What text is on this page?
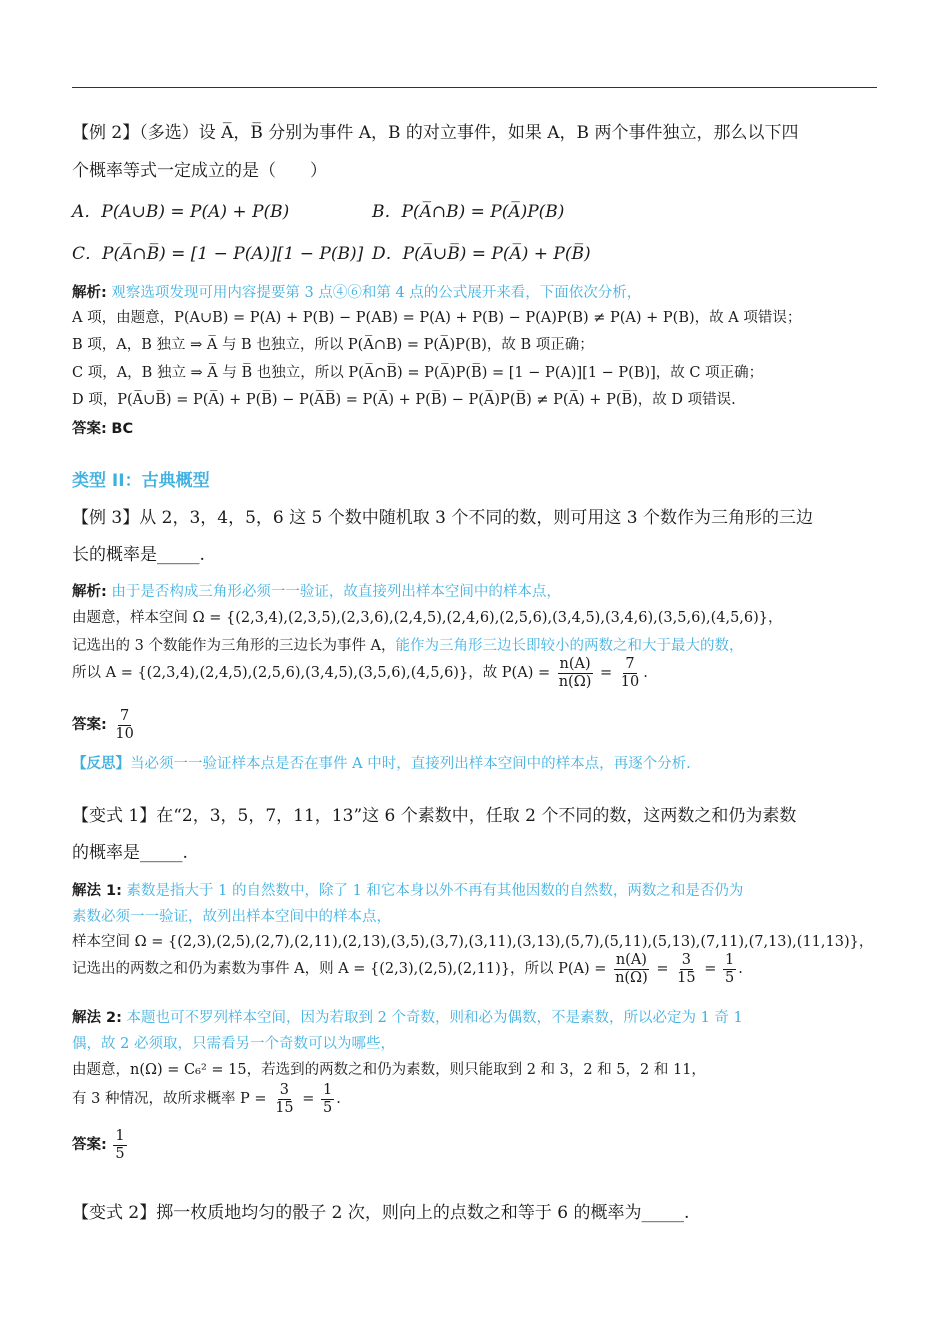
【例 2】（多选）设 A̅，B̅ 分别为事件 A，B 的对立事件，如果 A，B 两个事件独立，那么以下四
个概率等式一定成立的是（　　）
A．P(A∪B) = P(A) + P(B)	B．P(A̅∩B) = P(A̅)P(B)
C．P(A̅∩B̅) = [1 − P(A)][1 − P(B)] D．P(A̅∪B̅) = P(A̅) + P(B̅)
解析: 观察选项发现可用内容提要第 3 点④⑥和第 4 点的公式展开来看，下面依次分析，
A 项，由题意，P(A∪B) = P(A) + P(B) − P(AB) = P(A) + P(B) − P(A)P(B) ≠ P(A) + P(B)，故 A 项错误；
B 项，A，B 独立 ⇒ A̅ 与 B 也独立，所以 P(A̅∩B) = P(A̅)P(B)，故 B 项正确；
C 项，A，B 独立 ⇒ A̅ 与 B̅ 也独立，所以 P(A̅∩B̅) = P(A̅)P(B̅) = [1 − P(A)][1 − P(B)]，故 C 项正确；
D 项，P(A̅∪B̅) = P(A̅) + P(B̅) − P(A̅B̅) = P(A̅) + P(B̅) − P(A̅)P(B̅) ≠ P(A̅) + P(B̅)，故 D 项错误.
答案: BC
类型 II：古典概型
【例 3】从 2，3，4，5，6 这 5 个数中随机取 3 个不同的数，则可用这 3 个数作为三角形的三边
长的概率是_____.
解析: 由于是否构成三角形必须一一验证，故直接列出样本空间中的样本点，
由题意，样本空间 Ω = {(2,3,4),(2,3,5),(2,3,6),(2,4,5),(2,4,6),(2,5,6),(3,4,5),(3,4,6),(3,5,6),(4,5,6)}，
记选出的 3 个数能作为三角形的三边长为事件 A，能作为三角形三边长即较小的两数之和大于最大的数，
所以 A = {(2,3,4),(2,4,5),(2,5,6),(3,4,5),(3,5,6),(4,5,6)}，故 $P(A) = \frac{n(A)}{n(\Omega)} = \frac{7}{10}$ .
答案: $\frac{7}{10}$
【反思】当必须一一验证样本点是否在事件 A 中时，直接列出样本空间中的样本点，再逐个分析.
【变式 1】在“2，3，5，7，11，13”这 6 个素数中，任取 2 个不同的数，这两数之和仍为素数
的概率是_____.
解法 1: 素数是指大于 1 的自然数中，除了 1 和它本身以外不再有其他因数的自然数，两数之和是否仍为
素数必须一一验证，故列出样本空间中的样本点，
样本空间 Ω = {(2,3),(2,5),(2,7),(2,11),(2,13),(3,5),(3,7),(3,11),(3,13),(5,7),(5,11),(5,13),(7,11),(7,13),(11,13)}，
记选出的两数之和仍为素数为事件 A，则 A = {(2,3),(2,5),(2,11)}，所以 $P(A) = \frac{n(A)}{n(\Omega)} = \frac{3}{15} = \frac{1}{5}$ .
解法 2: 本题也可不罗列样本空间，因为若取到 2 个奇数，则和必为偶数，不是素数，所以必定为 1 奇 1
偶，故 2 必须取，只需看另一个奇数可以为哪些，
由题意，n(Ω) = C₆² = 15，若选到的两数之和仍为素数，则只能取到 2 和 3，2 和 5，2 和 11，
有 3 种情况，故所求概率 $P = \frac{3}{15} = \frac{1}{5}$ .
答案: $\frac{1}{5}$
【变式 2】掷一枚质地均匀的骰子 2 次，则向上的点数之和等于 6 的概率为_____.
